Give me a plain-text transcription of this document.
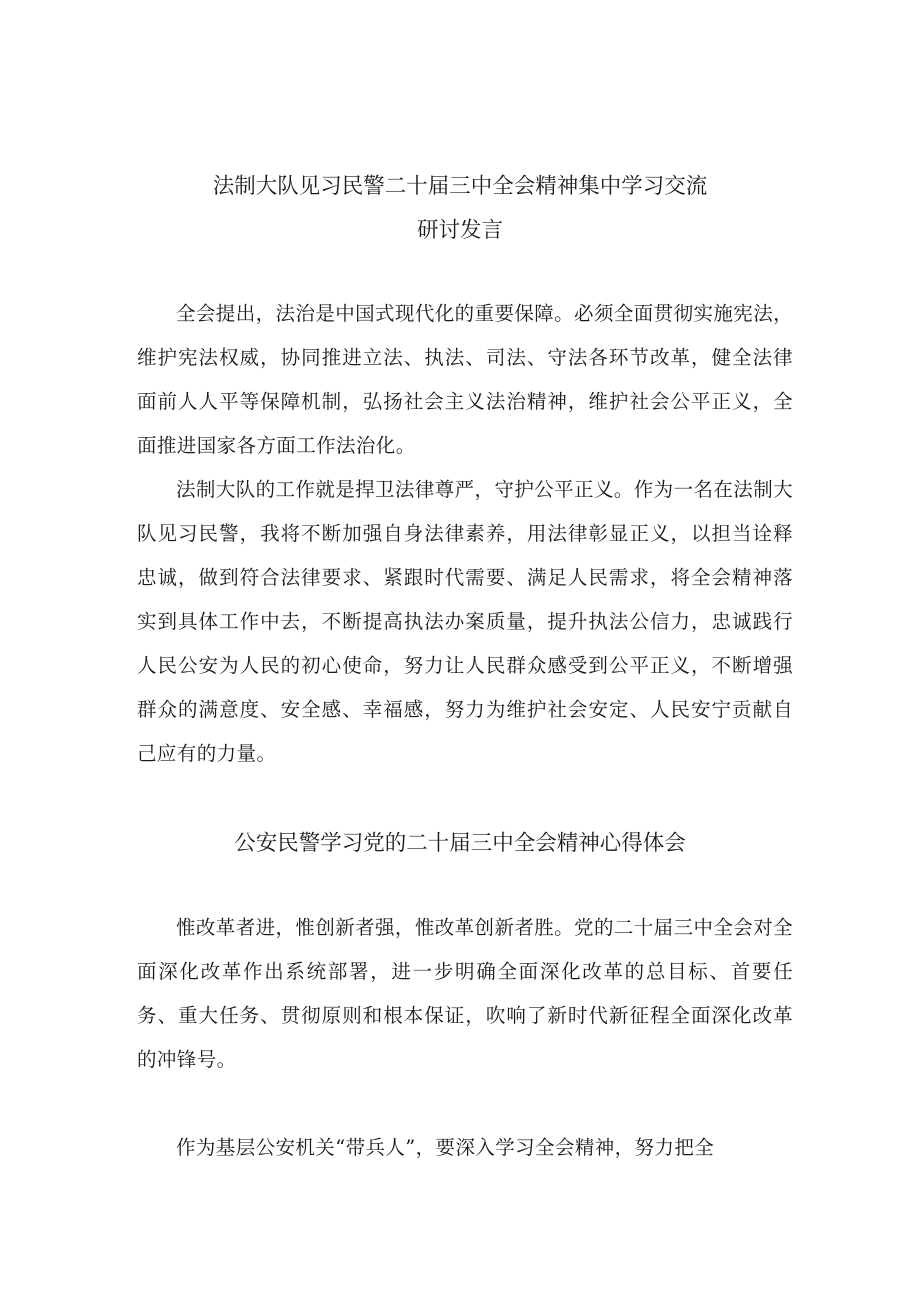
法制大队见习民警二十届三中全会精神集中学习交流
研讨发言

全会提出，法治是中国式现代化的重要保障。必须全面贯彻实施宪法，维护宪法权威，协同推进立法、执法、司法、守法各环节改革，健全法律面前人人平等保障机制，弘扬社会主义法治精神，维护社会公平正义，全面推进国家各方面工作法治化。

法制大队的工作就是捍卫法律尊严，守护公平正义。作为一名在法制大队见习民警，我将不断加强自身法律素养，用法律彰显正义，以担当诠释忠诚，做到符合法律要求、紧跟时代需要、满足人民需求，将全会精神落实到具体工作中去，不断提高执法办案质量，提升执法公信力，忠诚践行人民公安为人民的初心使命，努力让人民群众感受到公平正义，不断增强群众的满意度、安全感、幸福感，努力为维护社会安定、人民安宁贡献自己应有的力量。

公安民警学习党的二十届三中全会精神心得体会

惟改革者进，惟创新者强，惟改革创新者胜。党的二十届三中全会对全面深化改革作出系统部署，进一步明确全面深化改革的总目标、首要任务、重大任务、贯彻原则和根本保证，吹响了新时代新征程全面深化改革的冲锋号。

作为基层公安机关“带兵人”，要深入学习全会精神，努力把全
